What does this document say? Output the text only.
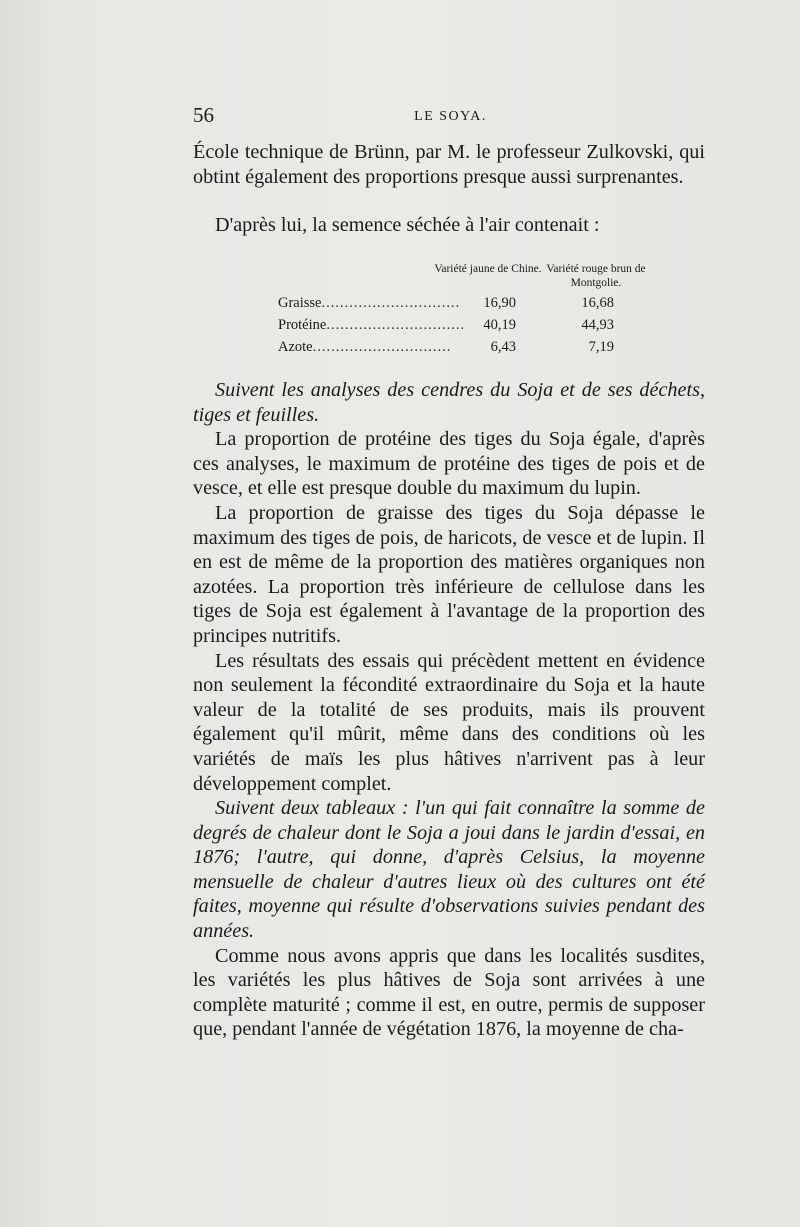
56	LE SOYA.

École technique de Brünn, par M. le professeur Zulkovski, qui obtint également des proportions presque aussi surprenantes.

D'après lui, la semence séchée à l'air contenait :

Variété jaune de Chine. Variété rouge brun de Montgolie.
Graisse..............................	16,90	16,68
Protéine..............................	40,19	44,93
Azote..............................	6,43	7,19

Suivent les analyses des cendres du Soja et de ses déchets, tiges et feuilles.

La proportion de protéine des tiges du Soja égale, d'après ces analyses, le maximum de protéine des tiges de pois et de vesce, et elle est presque double du maximum du lupin.

La proportion de graisse des tiges du Soja dépasse le maximum des tiges de pois, de haricots, de vesce et de lupin. Il en est de même de la proportion des matières organiques non azotées. La proportion très inférieure de cellulose dans les tiges de Soja est également à l'avantage de la proportion des principes nutritifs.

Les résultats des essais qui précèdent mettent en évidence non seulement la fécondité extraordinaire du Soja et la haute valeur de la totalité de ses produits, mais ils prouvent également qu'il mûrit, même dans des conditions où les variétés de maïs les plus hâtives n'arrivent pas à leur développement complet.

Suivent deux tableaux : l'un qui fait connaître la somme de degrés de chaleur dont le Soja a joui dans le jardin d'essai, en 1876; l'autre, qui donne, d'après Celsius, la moyenne mensuelle de chaleur d'autres lieux où des cultures ont été faites, moyenne qui résulte d'observations suivies pendant des années.

Comme nous avons appris que dans les localités susdites, les variétés les plus hâtives de Soja sont arrivées à une complète maturité ; comme il est, en outre, permis de supposer que, pendant l'année de végétation 1876, la moyenne de cha-
